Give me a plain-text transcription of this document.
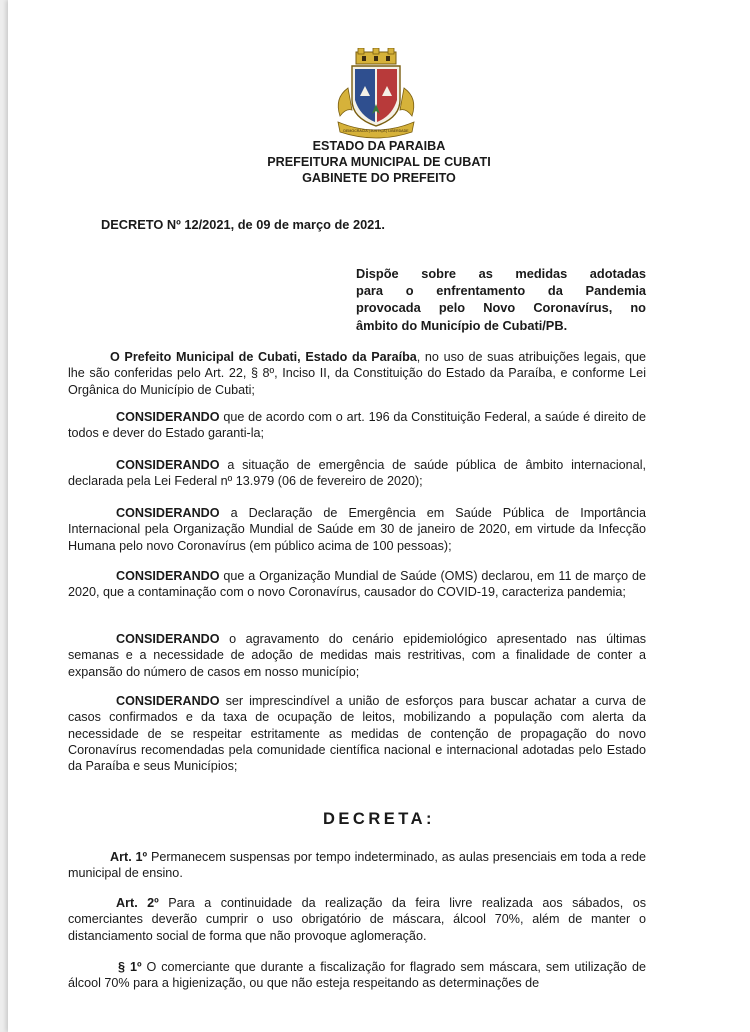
DEMOCRACIA | JUSTIÇA | LIBERDADE
ESTADO DA PARAIBA
PREFEITURA MUNICIPAL DE CUBATI
GABINETE DO PREFEITO
DECRETO Nº 12/2021, de 09 de março de 2021.
Dispõe sobre as medidas adotadas
para o enfrentamento da Pandemia
provocada pelo Novo Coronavírus, no
âmbito do Município de Cubati/PB.
O Prefeito Municipal de Cubati, Estado da Paraíba, no uso de suas atribuições legais, que lhe são conferidas pelo Art. 22, § 8º, Inciso II, da Constituição do Estado da Paraíba, e conforme Lei Orgânica do Município de Cubati;
CONSIDERANDO que de acordo com o art. 196 da Constituição Federal, a saúde é direito de todos e dever do Estado garanti-la;
CONSIDERANDO a situação de emergência de saúde pública de âmbito internacional, declarada pela Lei Federal nº 13.979 (06 de fevereiro de 2020);
CONSIDERANDO a Declaração de Emergência em Saúde Pública de Importância Internacional pela Organização Mundial de Saúde em 30 de janeiro de 2020, em virtude da Infecção Humana pelo novo Coronavírus (em público acima de 100 pessoas);
CONSIDERANDO que a Organização Mundial de Saúde (OMS) declarou, em 11 de março de 2020, que a contaminação com o novo Coronavírus, causador do COVID-19, caracteriza pandemia;
CONSIDERANDO o agravamento do cenário epidemiológico apresentado nas últimas semanas e a necessidade de adoção de medidas mais restritivas, com a finalidade de conter a expansão do número de casos em nosso município;
CONSIDERANDO ser imprescindível a união de esforços para buscar achatar a curva de casos confirmados e da taxa de ocupação de leitos, mobilizando a população com alerta da necessidade de se respeitar estritamente as medidas de contenção de propagação do novo Coronavírus recomendadas pela comunidade científica nacional e internacional adotadas pelo Estado da Paraíba e seus Municípios;
DECRETA:
Art. 1º Permanecem suspensas por tempo indeterminado, as aulas presenciais em toda a rede municipal de ensino.
Art. 2º Para a continuidade da realização da feira livre realizada aos sábados, os comerciantes deverão cumprir o uso obrigatório de máscara, álcool 70%, além de manter o distanciamento social de forma que não provoque aglomeração.
§ 1º O comerciante que durante a fiscalização for flagrado sem máscara, sem utilização de álcool 70% para a higienização, ou que não esteja respeitando as determinações de
